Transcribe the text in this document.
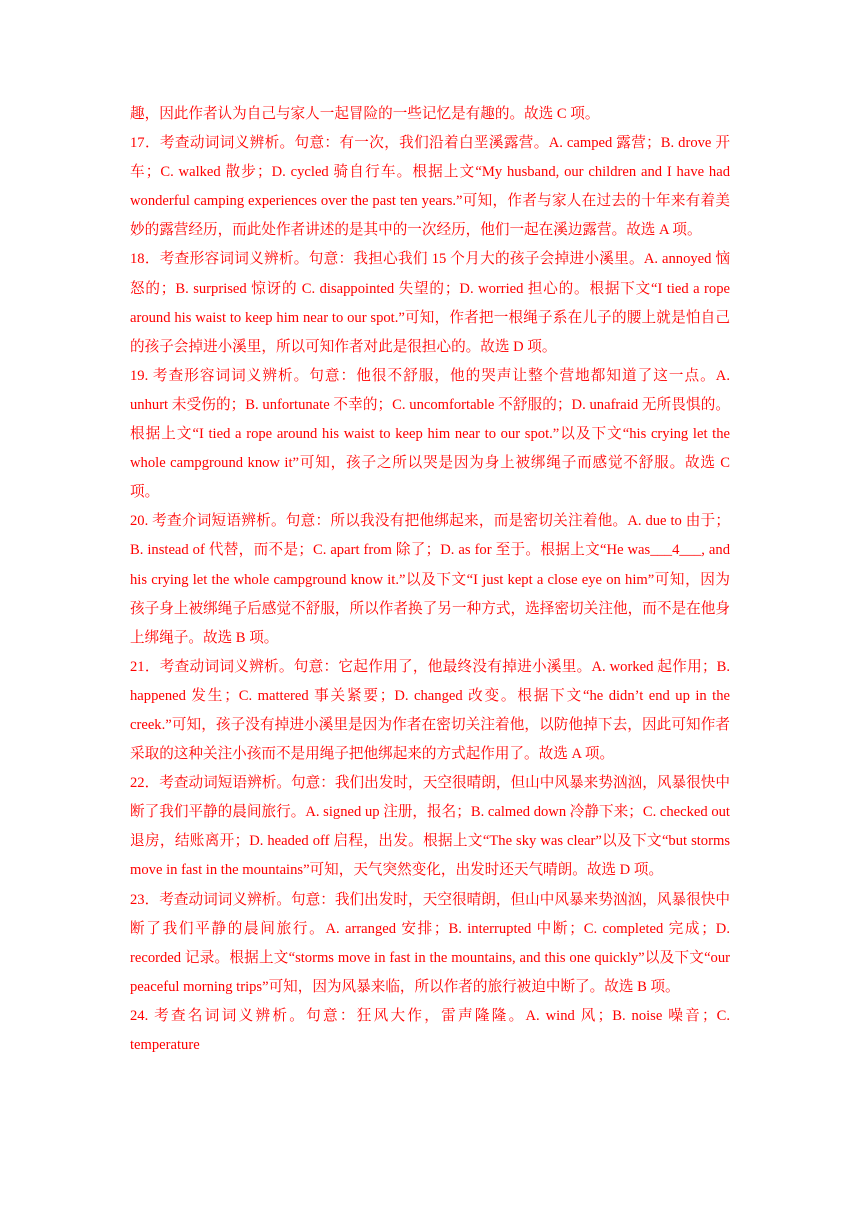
趣，因此作者认为自己与家人一起冒险的一些记忆是有趣的。故选 C 项。

17．考查动词词义辨析。句意：有一次，我们沿着白垩溪露营。A. camped 露营；B. drove 开车；C. walked 散步；D. cycled 骑自行车。根据上文“My husband, our children and I have had wonderful camping experiences over the past ten years.”可知，作者与家人在过去的十年来有着美妙的露营经历，而此处作者讲述的是其中的一次经历，他们一起在溪边露营。故选 A 项。

18．考查形容词词义辨析。句意：我担心我们 15 个月大的孩子会掉进小溪里。A. annoyed 恼怒的；B. surprised 惊讶的 C. disappointed 失望的；D. worried 担心的。根据下文“I tied a rope around his waist to keep him near to our spot.”可知，作者把一根绳子系在儿子的腰上就是怕自己的孩子会掉进小溪里，所以可知作者对此是很担心的。故选 D 项。

19. 考查形容词词义辨析。句意：他很不舒服，他的哭声让整个营地都知道了这一点。A. unhurt 未受伤的；B. unfortunate 不幸的；C. uncomfortable 不舒服的；D. unafraid 无所畏惧的。根据上文“I tied a rope around his waist to keep him near to our spot.”以及下文“his crying let the whole campground know it”可知，孩子之所以哭是因为身上被绑绳子而感觉不舒服。故选 C 项。

20. 考查介词短语辨析。句意：所以我没有把他绑起来，而是密切关注着他。A. due to 由于；B. instead of 代替，而不是；C. apart from 除了；D. as for 至于。根据上文“He was___4___, and his crying let the whole campground know it.”以及下文“I just kept a close eye on him”可知，因为孩子身上被绑绳子后感觉不舒服，所以作者换了另一种方式，选择密切关注他，而不是在他身上绑绳子。故选 B 项。

21．考查动词词义辨析。句意：它起作用了，他最终没有掉进小溪里。A. worked 起作用；B. happened 发生；C. mattered 事关紧要；D. changed 改变。根据下文“he didn’t end up in the creek.”可知，孩子没有掉进小溪里是因为作者在密切关注着他，以防他掉下去，因此可知作者采取的这种关注小孩而不是用绳子把他绑起来的方式起作用了。故选 A 项。

22．考查动词短语辨析。句意：我们出发时，天空很晴朗，但山中风暴来势汹汹，风暴很快中断了我们平静的晨间旅行。A. signed up 注册，报名；B. calmed down 冷静下来；C. checked out 退房，结账离开；D. headed off 启程，出发。根据上文“The sky was clear”以及下文“but storms move in fast in the mountains”可知，天气突然变化，出发时还天气晴朗。故选 D 项。

23．考查动词词义辨析。句意：我们出发时，天空很晴朗，但山中风暴来势汹汹，风暴很快中断了我们平静的晨间旅行。A. arranged 安排；B. interrupted 中断；C. completed 完成；D. recorded 记录。根据上文“storms move in fast in the mountains, and this one quickly”以及下文“our peaceful morning trips”可知，因为风暴来临，所以作者的旅行被迫中断了。故选 B 项。

24. 考查名词词义辨析。句意：狂风大作，雷声隆隆。A. wind 风；B. noise 噪音；C. temperature
